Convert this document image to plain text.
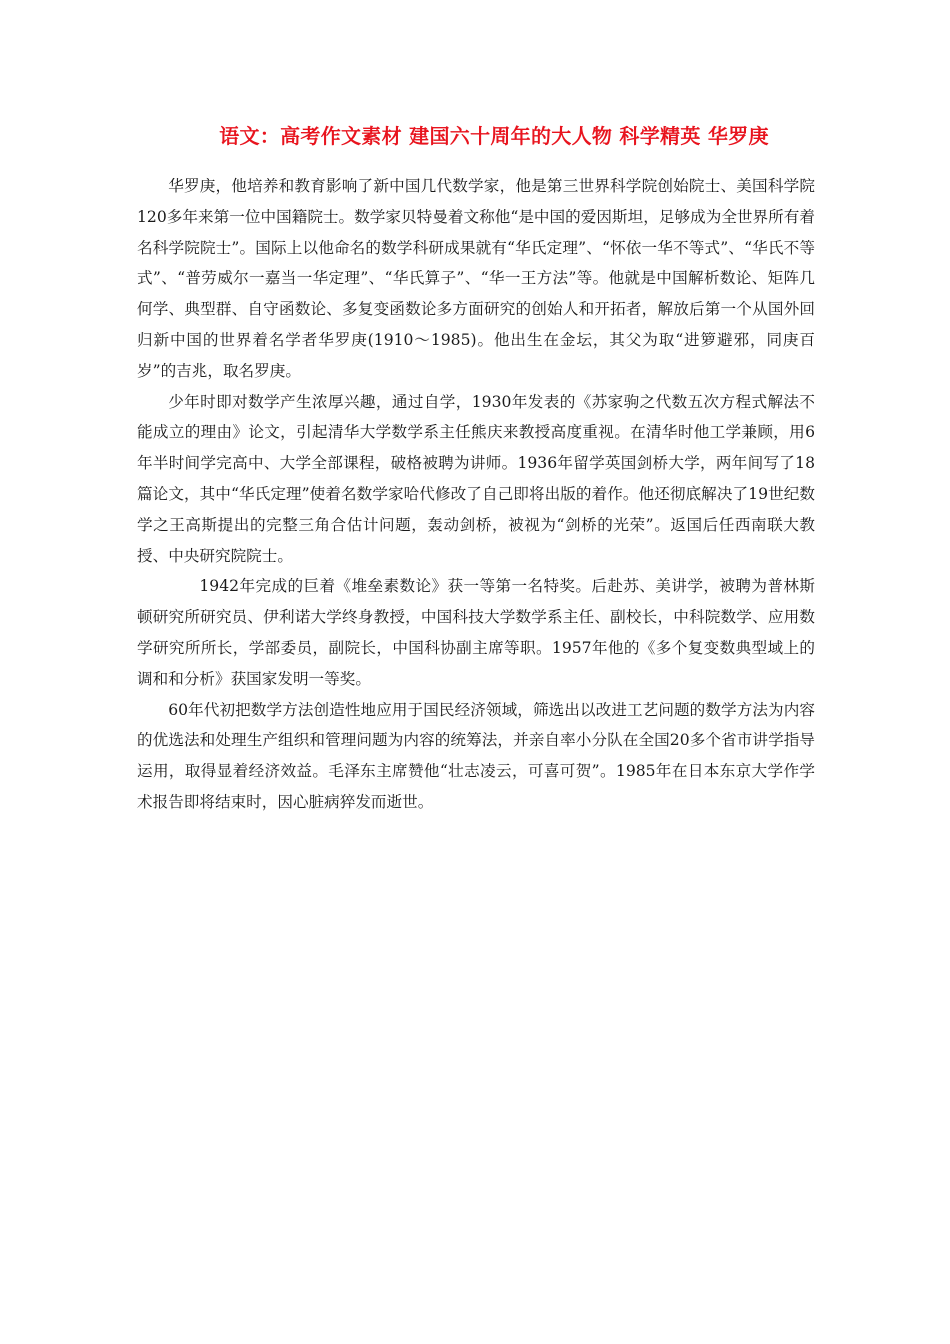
语文：高考作文素材 建国六十周年的大人物 科学精英 华罗庚

华罗庚，他培养和教育影响了新中国几代数学家，他是第三世界科学院创始院士、美国科学院120多年来第一位中国籍院士。数学家贝特曼着文称他“是中国的爱因斯坦，足够成为全世界所有着名科学院院士”。国际上以他命名的数学科研成果就有“华氏定理”、“怀依一华不等式”、“华氏不等式”、“普劳威尔一嘉当一华定理”、“华氏算子”、“华一王方法”等。他就是中国解析数论、矩阵几何学、典型群、自守函数论、多复变函数论多方面研究的创始人和开拓者，解放后第一个从国外回归新中国的世界着名学者华罗庚(1910～1985)。他出生在金坛，其父为取“进箩避邪，同庚百岁”的吉兆，取名罗庚。

少年时即对数学产生浓厚兴趣，通过自学，1930年发表的《苏家驹之代数五次方程式解法不能成立的理由》论文，引起清华大学数学系主任熊庆来教授高度重视。在清华时他工学兼顾，用6年半时间学完高中、大学全部课程，破格被聘为讲师。1936年留学英国剑桥大学，两年间写了18篇论文，其中“华氏定理”使着名数学家哈代修改了自己即将出版的着作。他还彻底解决了19世纪数学之王高斯提出的完整三角合估计问题，轰动剑桥，被视为“剑桥的光荣”。返国后任西南联大教授、中央研究院院士。

1942年完成的巨着《堆垒素数论》获一等第一名特奖。后赴苏、美讲学，被聘为普林斯顿研究所研究员、伊利诺大学终身教授，中国科技大学数学系主任、副校长，中科院数学、应用数学研究所所长，学部委员，副院长，中国科协副主席等职。1957年他的《多个复变数典型域上的调和和分析》获国家发明一等奖。

60年代初把数学方法创造性地应用于国民经济领域，筛选出以改进工艺问题的数学方法为内容的优选法和处理生产组织和管理问题为内容的统筹法，并亲自率小分队在全国20多个省市讲学指导运用，取得显着经济效益。毛泽东主席赞他“壮志凌云，可喜可贺”。1985年在日本东京大学作学术报告即将结束时，因心脏病猝发而逝世。
